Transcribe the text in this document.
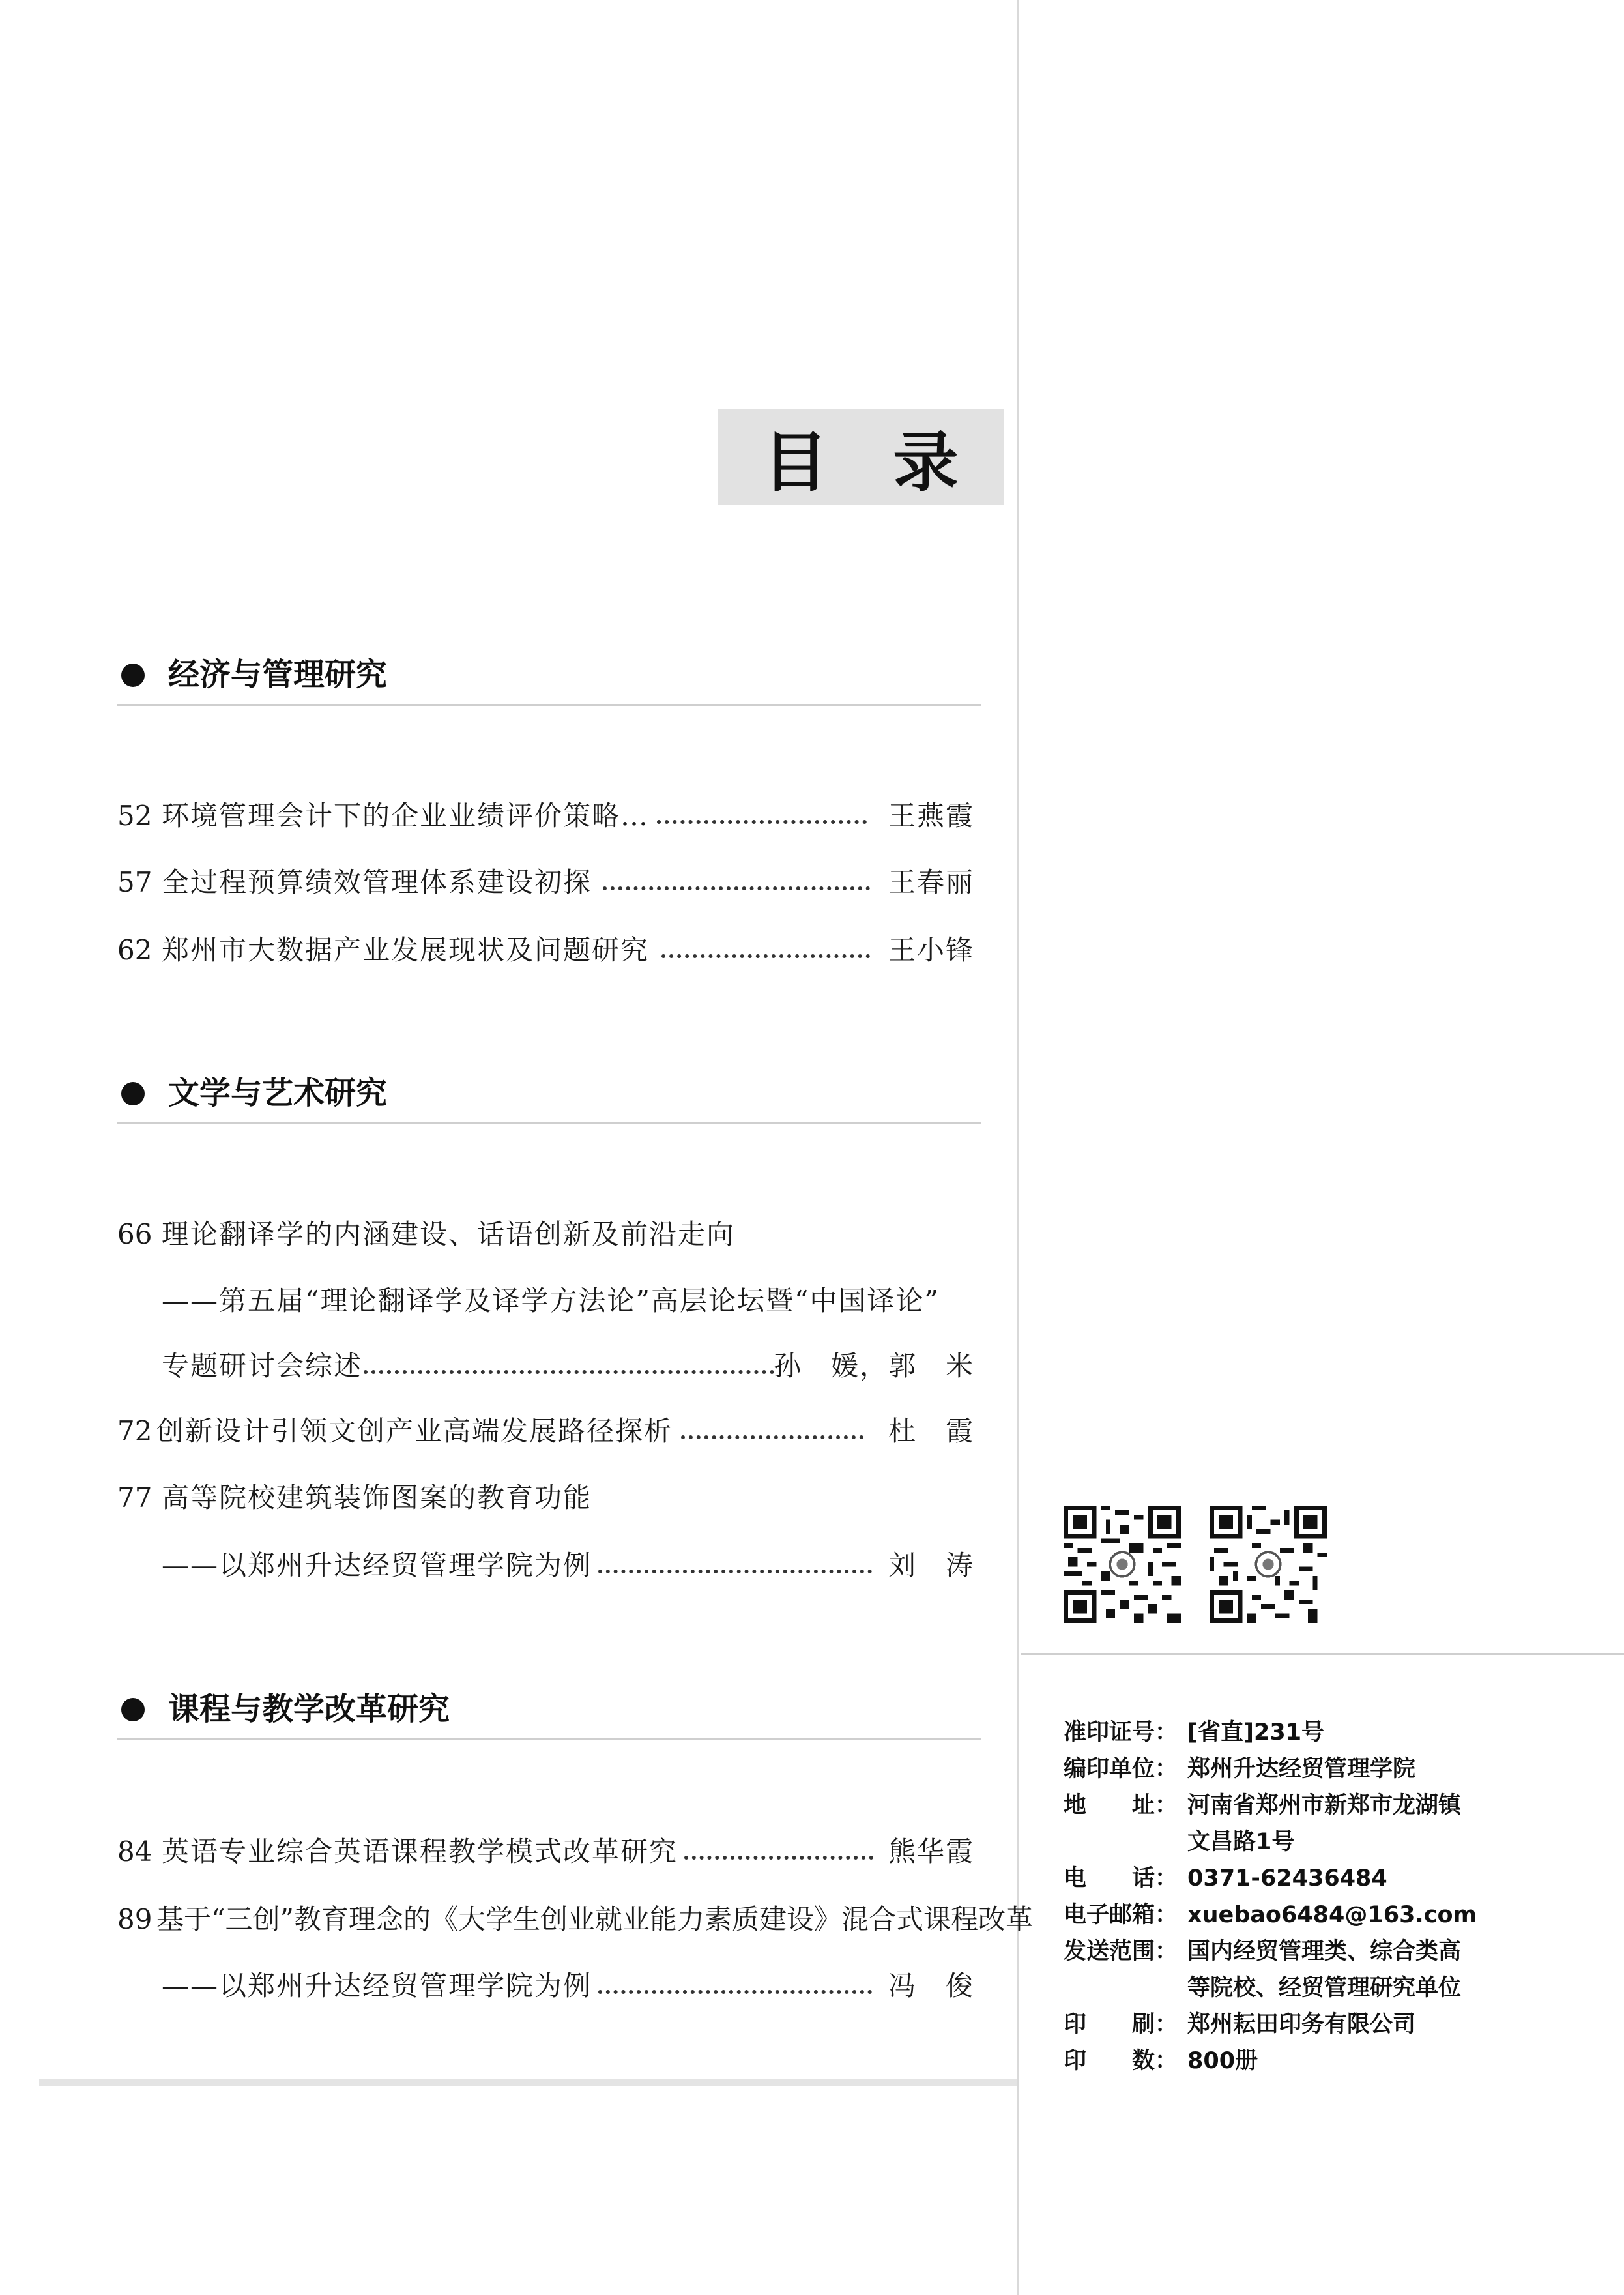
目录
经济与管理研究
52 环境管理会计下的企业业绩评价策略…	王燕霞
57 全过程预算绩效管理体系建设初探	王春丽
62 郑州市大数据产业发展现状及问题研究	王小锋
文学与艺术研究
66 理论翻译学的内涵建设、话语创新及前沿走向
——第五届“理论翻译学及译学方法论”高层论坛暨“中国译论”
专题研讨会综述	孙　媛，郭　米
72 创新设计引领文创产业高端发展路径探析	杜　霞
77 高等院校建筑装饰图案的教育功能
——以郑州升达经贸管理学院为例	刘　涛
课程与教学改革研究
84 英语专业综合英语课程教学模式改革研究	熊华霞
89 基于“三创”教育理念的《大学生创业就业能力素质建设》混合式课程改革
——以郑州升达经贸管理学院为例	冯　俊
准印证号： [省直]231号
编印单位： 郑州升达经贸管理学院
地　　址： 河南省郑州市新郑市龙湖镇
文昌路1号
电　　话： 0371-62436484
电子邮箱： xuebao6484@163.com
发送范围： 国内经贸管理类、综合类高
等院校、经贸管理研究单位
印　　刷： 郑州耘田印务有限公司
印　　数： 800册
